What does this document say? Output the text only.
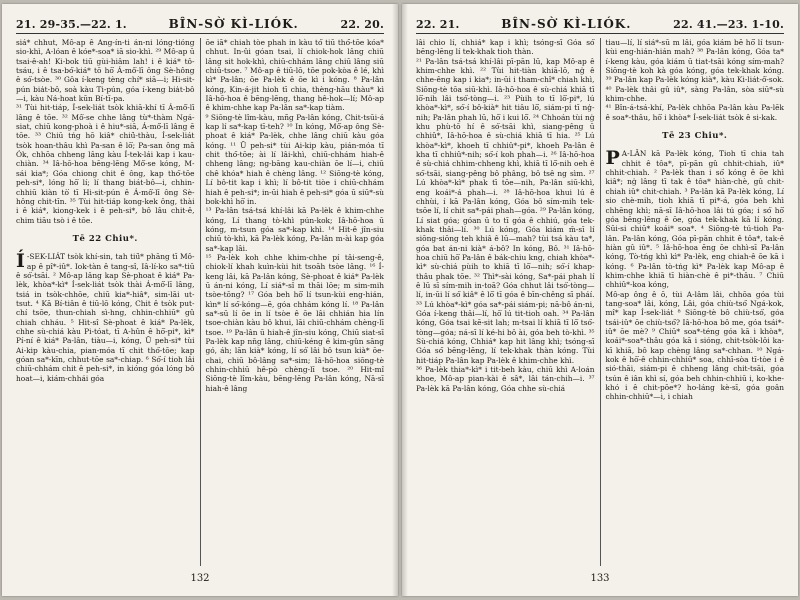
21. 29-35.—22. 1.	BÎN-SÒ͘ KÌ-LIÓK.	22. 20.

siá* chhut, Mô-ap ê Ang-ín-ti án-ni lóng-tióng sio-khì, A-lóan ê kóe*-soa* iā sio-khì. ²⁹ Mô-ap ū tsai-ê-ah! Ki-bok tiū gùi-hiâm lah! i ê kiá* tô-tsáu, i ê tsa-bó͘-kiá* tō hō͘ Á-mô͘-lī ông Sè-hông ê só͘-tsòe. ³⁰ Gôa í-keng tèng chí* siā—i; Hi-sit-pún bia̍t-bô, soà kàu Ti-pún, góa í-keng bia̍t-bô—i, kàu Ná-hoat kūn Bí-tī-pa.

³¹ Tùi hit-tiáp, Í-sek-liát tsòk khiā-khí tī Á-mô͘-lī lâng ê tōe. ³² Mô͘-se chhe lâng tù*-thàm Ngá-siat, chiū kong-phoà i ê hiu*-siā, Á-mô͘-lī lâng ē tōe. ³³ Chiū tńg hō kiâ* chiū̍-thàu, Í-sek-liát tsòk hoan-thâu khì Pa-san ê lō͘; Pa-san ông mā Ók, chhōa chheng lâng kàu Í-tek-lái kap i kau-chiàn. ³⁴ Iâ-hō-hoa bēng-lēng Mô͘-se kóng, M-sái kia*; Góa chiong chit ê ông, kap thó͘-tōe peh-si*, lóng hō͘ lí; lí thang biát-bô—i, chhin-chhiū kiàn tò͘ tī Hi-sit-pún ê Á-mô͘-lī ông Sè-hông chit-tīn. ³⁵ Tùi hit-tiáp kong-kek ông, thài i ê kiá*, kiong-kek i ê peh-si*, bô lâu chit-ê, chim tiāu tsò i ê tōe.

Tē 22 Chiu*.

Í -SEK-LIÁT tsòk khí-sin, tah tiū̍* phāng tī Mô-ap ê pî*-iû*. Iok-tàn ê tang-sî, Iâ-lí-ko sa*-tiū ê só͘-tsāi. ² Mô-ap lâng kap Sè-phoat ê kiá* Pa-lèk, khòa*-kì* Í-sek-liát tsòk thài Á-mô͘-lī lâng, tsiá in tsòk-chhōe, chiū kia*-hiâ*, sim-lāi ut-tsut. ⁴ Kā Bí-tiân ê tiū-lō kóng, Chit ê tsòk put-chí tsōe, thun-chiah sì-hng, chhin-chhiū* gû chiah chháu. ⁵ Hit-sî Sè-phoat ê kiá* Pa-lèk, chhe sù-chiá kàu Pi-tóat, tī A-hûn ê hō͘-pi*, kì* Pí-ní ê kiá* Pa-lân, tiàu—i, kóng, Ū peh-si* tùi Ai-kip kàu-chia, pian-móa tī chit thó͘-tōe; kap góan sa*-kīn, chhut-tōe sa*-chiap. ⁶ Só͘-í tioh lâi chiū-chhám chit ê peh-si*, in kióng góa lóng bô hoat—i, kiám-chhái góa

ōe iā* chiah tòe phah in kàu tó͘ tiū thó͘-tōe kóa* chhut. In-ûi góan tsai, lí chiok-hok lâng chiū lâng sit hok-khì, chiū-chhám lâng chiū lâng siū chiū-tsoe. ⁷ Mô-ap ê tiū-lō, tōe pok-kòa ê lé, khì kì* Pa-lân; ōe Pa-lèk ê ōe kì i kóng. ⁸ Pa-lân kóng, Kin-á-jit hioh tī chia, thèng-hāu thàu* kì Iâ-hō-hoa ê bēng-lēng, thang hê-hok—lí; Mô-ap ê khim-chhe kap Pa-lân sa*-kap tiàm.

⁹ Siōng-tè lîm-kàu, mñg Pa-lân kóng, Chit-tsūi-á kap lí sa*-kap tī-teh? ¹⁰ In kóng, Mô͘-ap ông Sè-phoat ê kiá* Pa-lèk, chhe lâng chiū kàu góa kóng. ¹¹ Ū peh-si* tùi Ai-kip kàu, pián-móa tī chit thó͘-tōe; ài lí lâi-khì, chiū-chhám hiah-ê chheng lâng; ng-bāng kau-chiàn ōe lí—i, chiū chê khóa* hiah ê chèng lâng. ¹² Siōng-tè kóng, Lí bô-tit kap i khì; lí bô-tit tiòe i chiū-chhám hiah ê peh-si*; in-ūi hiah ê peh-si* góa ū siū*-sù bok-khì hō͘ in.

¹³ Pa-lân tsá-tsá khí-lâi kā Pa-lèk ê khim-chhe kóng, Lí thang tò-khì pún-kok; Iâ-hō-hoa ū kóng, m-tsun góa sa*-kap khì. ¹⁴ Hit-ê jîn-siu chiū tò-khì, kā Pa-lèk kóng, Pa-lân m-ài kap góa sa*-kap lâi.

¹⁵ Pa-lèk koh chhe khim-chhe pí tâi-seng-ê, chiok-lí khah kuìn-kùi hit tsoāh tsòe lâng. ¹⁶ Í-keng lâi, kā Pa-lân kóng, Sè-phoat ê kiá* Pa-lèk ū án-ni kóng, Lí siá*-sî m thāi lōe; m sim-mih tsòe-tōng? ¹⁷ Góa beh hō͘ lí tsun-kùi eng-hián, kìn* lí só͘-kóng—ē, góa chhám kóng lí. ¹⁸ Pa-lân sa*-sū lí ōe in lí tsòe ê ōe lâi chhián hia lín tsoe-chiàn kàu bô khui, lāi chiū-chhám chèng-lī tsoe. ¹⁹ Pa-lân ū hiah-ê jîn-siu kóng, Chiū siat-sī Pa-lèk kap nn̄g lâng, chiū-kéng ê kim-gûn sāng gó, áh; lān kià* kóng, lí só͘ lâi bô tsun kià* ōe-chai, chiū bô-lâng sa*-sim; Iâ-hō-hoa siōng-tè chhin-chhiū hê-pò chèng-lī tsoe. ²⁰ Hit-mî Siōng-tè lîm-kàu, bēng-lēng Pa-lân kóng, Nā-sī hiah-ê lâng

132
22. 21.	BÎN-SÒ͘ KÌ-LIÓK.	22. 41.—23. 1-10.

lâi chio lí, chhiá* kap i khì; tsóng-sī Góa só͘ bēng-lēng lí tek-khak tioh thàn.

²¹ Pa-lân tsá-tsá khí-lâi pī-pān lū, kap Mô-ap ê khim-chhe khì. ²² Tùi hit-tiàn khiā-lō, ng̍ ê chhe-êng kap i kia*; in-ūi i tham-chî* chiah khì, Siōng-tè tōa siū-khì. Iâ-hō-hoa ê sù-chiá khiā tī lō͘-nih lâi tsó͘-tòng—i. ²³ Pùih to tī lō͘-pi*, lú khòa*-kì*, só͘-í bô-kià* hit tiâu lō͘, siám-pi tī ng̍-nih; Pa-lân phah lū, hō͘ i kui lō͘. ²⁴ Chhoán tùi ng̍ khu phù-tō hí ê só͘-tsāi khì, siang-pêng ū chhiû*, Iâ-hō-hoa ê sù-chiá khiā tī hia. ²⁵ Lú khòa*-kì*, khoeh tī chhiû*-pi*, khoeh Pa-lân ê kha tī chhiû*-nih; só͘-í koh phah—i. ²⁶ Iâ-hō-hoa ê sù-chiá chhim-chheng khì, khiā tī lō͘-nih oeh ê só͘-tsāi, siang-pêng bô phâng, bô tsê ng sìm. ²⁷ Lú khòa*-kì* phak tī tōe—nih, Pa-lân siū-khì, eng koái*-á phah—i. ²⁸ Iâ-hō-hoa khui lú ê chhùi, í kā Pa-lân kóng, Góa bô sím-mih tek-tsōe lí, lí chit sa*-pái phah—góa. ²⁹ Pa-lân kóng, Lí siat góa; góan ū to tī góa ê chhiú, góa tek-khak thâi—lí. ³⁰ Lú kóng, Góa kiám m̄-sī lí siōng-siōng teh khiâ ê lū—mah? tùi tsá kàu ta*, góa bat án-ni kià* á-bô? In kóng, Bô. ³¹ Iâ-hō-hoa chiū hō͘ Pa-lân ê bák-chiu kng, chiah khòa*-kì* sù-chiá pùih to khiā tī lō͘—nih; só͘-í khap-thâu phak tōe. ³² Thì*-sài kóng, Sa*-pái phah lí ê lū sī sím-mih in-toā? Góa chhut lâi tsó͘-tòng—lí, in-ūi lí só͘ kiâ* ê lō͘ tī góa ê bīn-chêng sī pháí. ³³ Lú khòa*-kì* góa sa*-pái siám-pi; nā-bô án-ni, Góa í-keng thâi—lí, hō͘ lú tit-tioh oah. ³⁴ Pa-lân kóng, Góa tsai kē-sit lah; m-tsai lí khiā tī lō͘ tsó͘-tòng—góa; ná-sī lí ké-hi bô ài, góa beh tò-khì. ³⁵ Sù-chiá kóng, Chhiá* kap hit lâng khì; tsóng-sī Góa só͘ bēng-lēng, lí tek-khak thàn kóng. Tùi hit-tiáp Pa-lân kap Pa-lèk ê khim-chhe khì.

³⁶ Pa-lèk thia*-kì* i tit-beh kàu, chiū khì A-loán khoe, Mô-ap pian-kài ê sâ*, lâi tán-chih—i. ³⁷ Pa-lèk kā Pa-lân kóng, Góa chhe sù-chiá

tiau—lí, lí siá*-sū m lâi, góa kiám bē hō͘ lí tsun-kùi eng-hián-hián mah? ³⁸ Pa-lân kóng, Góa ta* í-keng kàu, góa kiám ū tiat-tsāi kóng sím-mah? Siōng-tè koh kà góa kóng, góa tek-khak kóng. ³⁹ Pa-lân kap Pa-lèk kóng kià*, kàu Ki-liát-ô͘-sok. ⁴⁰ Pa-lèk thâi gû iû*, sàng Pa-lân, sòa siū*-sù khim-chhe.

⁴¹ Bîn-á-tsá-khí, Pa-lèk chhōa Pa-lân kàu Pa-lēk ê soa*-thâu, hō͘ i khòa* Í-sek-liát tsòk ê si-kak.

Tē 23 Chiu*.

P A-LÂN kā Pa-lèk kóng, Tioh tī chia tah chhit ê tôa*, pī-pān gû chhit-chiah, iû* chhit-chiah. ² Pa-lèk than i só͘ kóng ê ōe khì kiâ*; ng̍ lâng tī tak ê tôa* hiàn-chè, gû chit-chiah iû* chit-chiah. ³ Pa-lân kā Pa-lèk kóng, Lí sio chè-mih, tioh khiā tī pi*-á, góa beh khì chhēng khì; nā-sī Iâ-hō-hoa lâi tú góa; i só͘ hō͘ góa bēng-lēng ê ōe, góa tek-khak kā lí kóng. Sūi-si chiū* koái* soa*. ⁴ Siōng-tè tú-tioh Pa-lân. Pa-lân kóng, Góa pī-pān chhit ê tôa*, tak-ê hiàn gû iû*. ⁵ Iâ-hō-hoa ēng ōe chhì-sī Pa-lân kóng, Tò-tńg khì kì* Pa-lèk, eng chiah-ê ōe kā i kóng. ⁶ Pa-lân tò-tńg kì* Pa-lèk kap Mô-ap ê khim-chhe khiā tī hiàn-chè ê pi*-thâu. ⁷ Chiū chhiû*-koa kóng,

Mô-ap ông ê ō, tùi A-lâm lâi, chhōa góa tùi tang-soa* lâi, kóng, Lâi, góa chiù-tsó͘ Ngá-kok, mî* kap Í-sek-liát ⁸ Siōng-tè bô chiù-tsó͘, góa tsái-iû* ōe chiù-tsó͘? Iâ-hō-hoa bô me, góa tsái*-iû* ōe mè? ⁹ Chiū* soa*-téng góa kā i khòa*, koái*-soa*-thâu góa kā i sióng, chit-tsòk-lôi ka-kī khiā, bô kap chèng lâng sa*-chhan. ¹⁰ Ngá-kok ê hō͘-ê chhin-chhiū* soa, chhī-sòa tī-tòe i ê sió-thāi, siám-pi ê chheng lâng chit-tsāi, góa tsún ê iân khì sí, góa beh chhin-chhiū i, ko-khe-khó i ê chit-pōe*? ho-láng kè-sī, góa goân chhin-chhiū*—i, i chiah

133
